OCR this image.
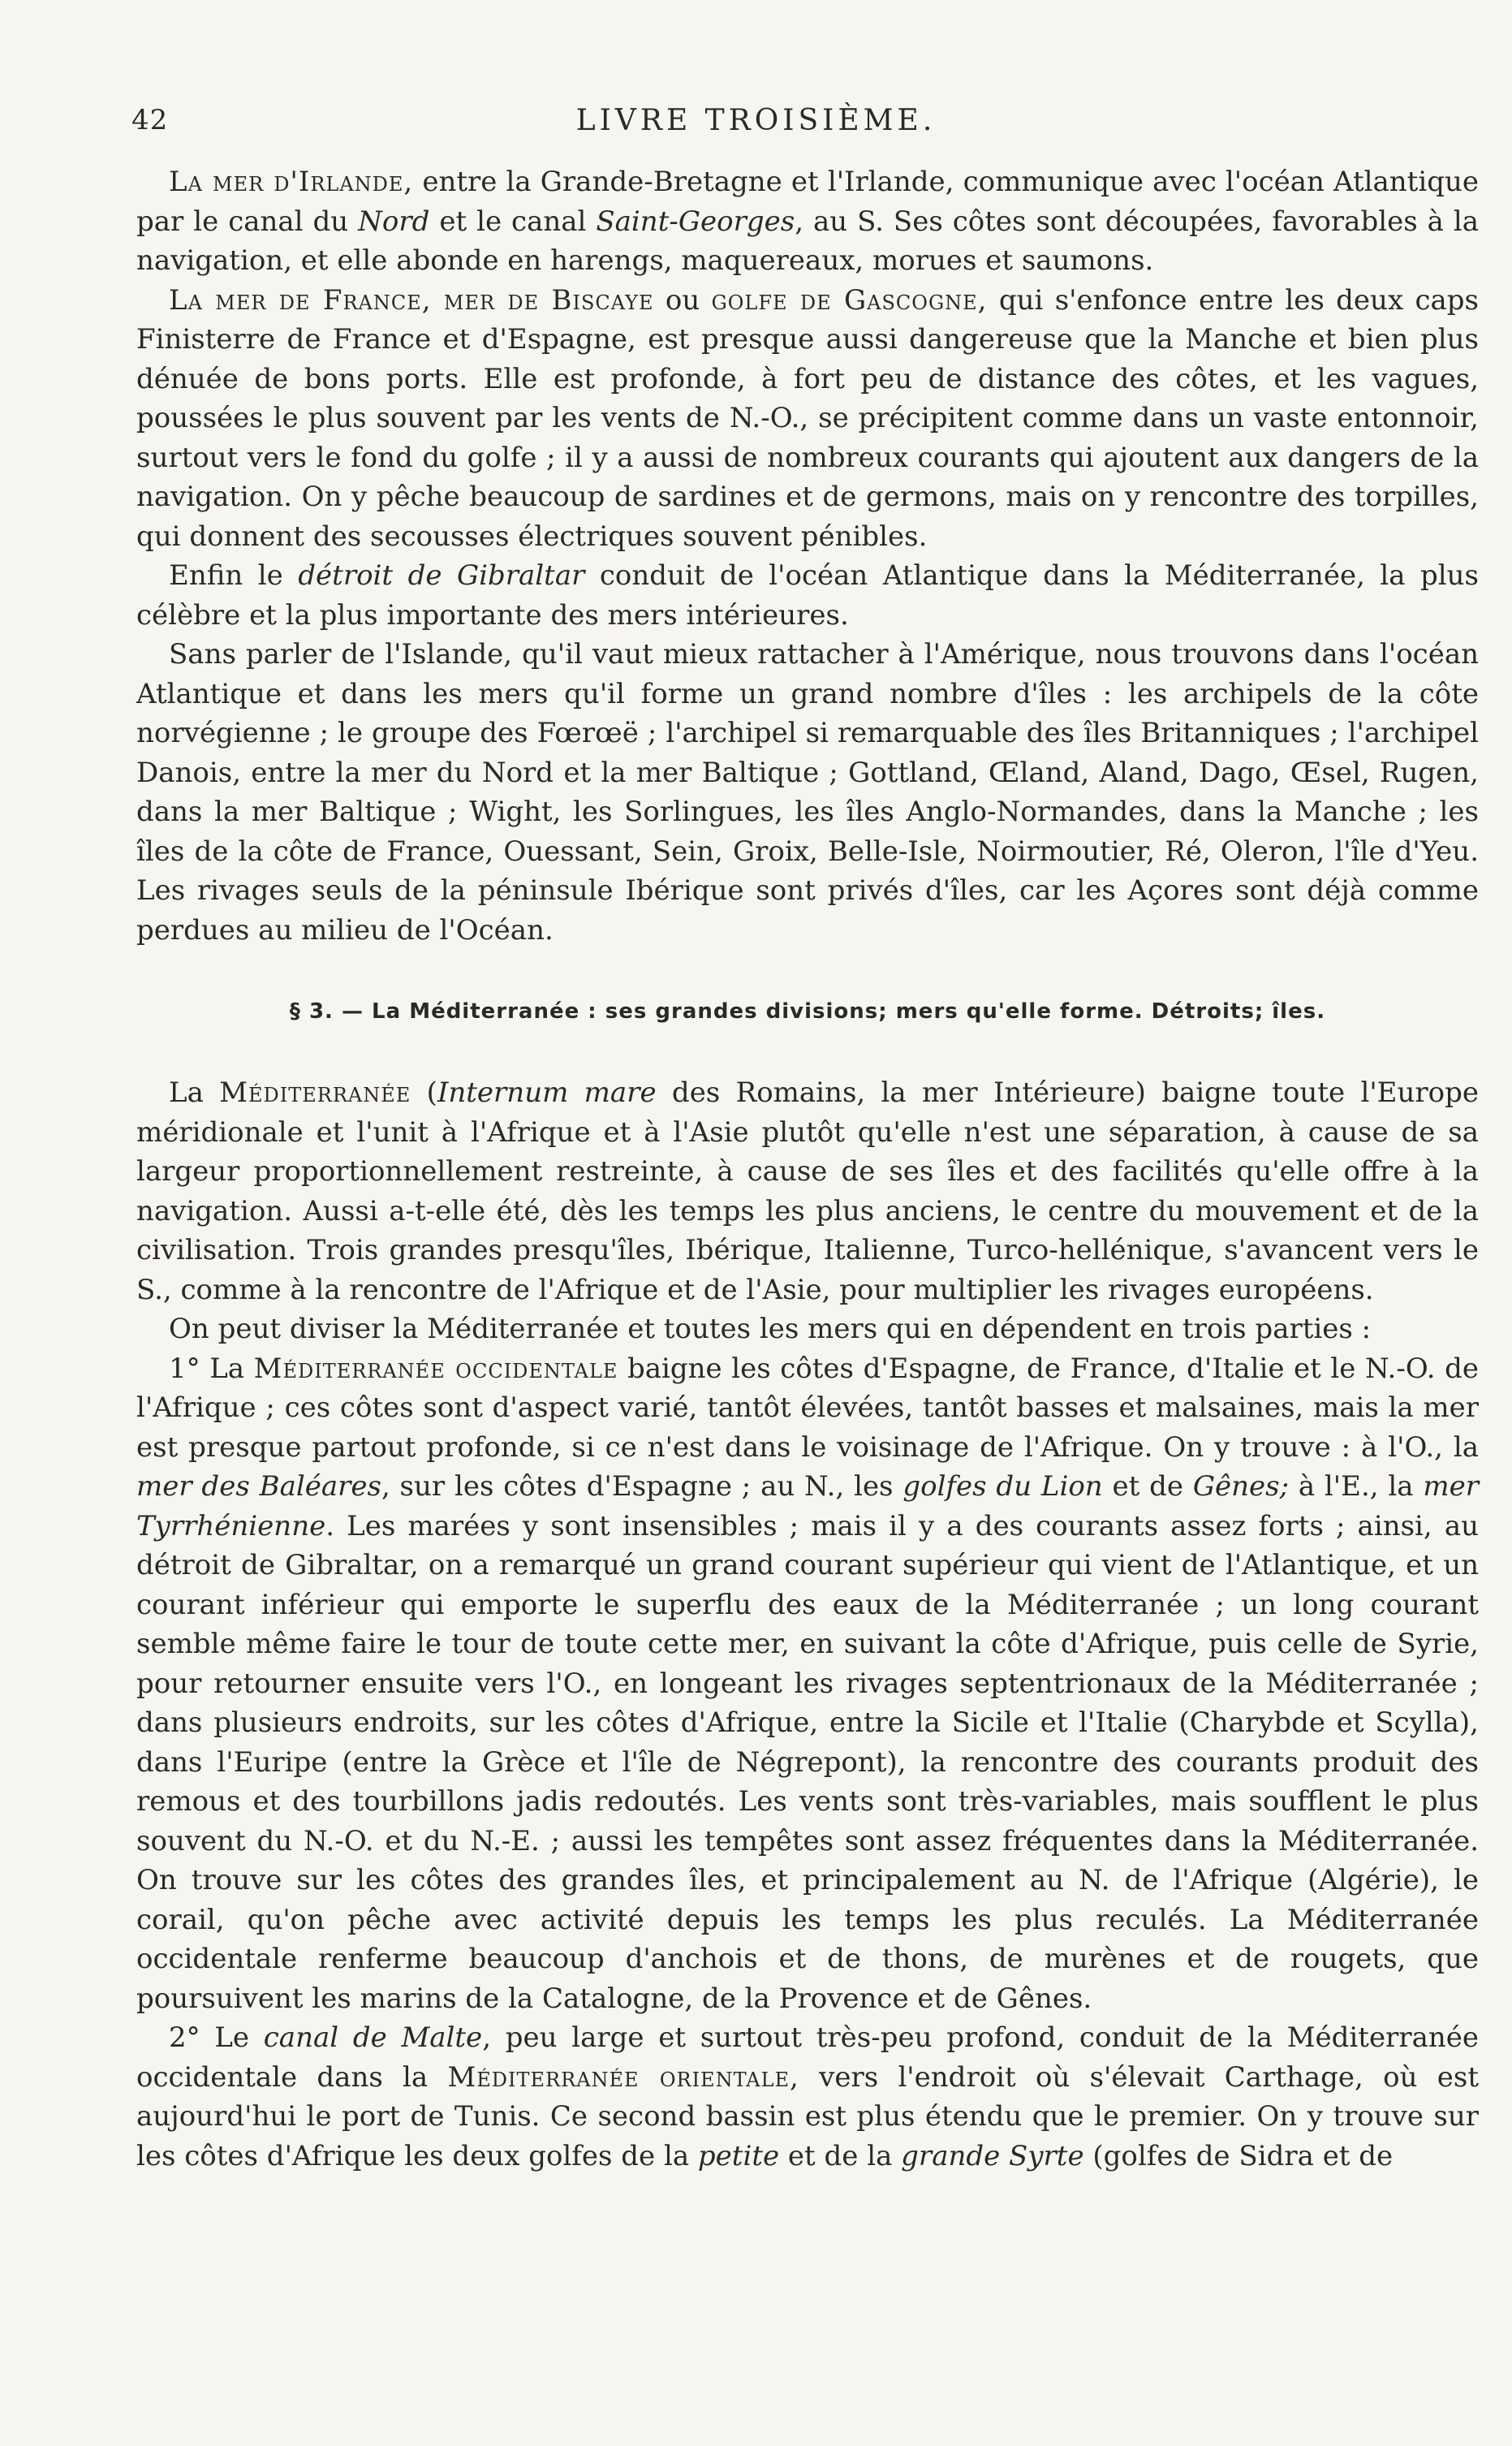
42	LIVRE TROISIÈME.

La mer d'Irlande, entre la Grande-Bretagne et l'Irlande, communique avec l'océan Atlantique par le canal du Nord et le canal Saint-Georges, au S. Ses côtes sont découpées, favorables à la navigation, et elle abonde en harengs, maquereaux, morues et saumons.

La mer de France, mer de Biscaye ou golfe de Gascogne, qui s'enfonce entre les deux caps Finisterre de France et d'Espagne, est presque aussi dangereuse que la Manche et bien plus dénuée de bons ports. Elle est profonde, à fort peu de distance des côtes, et les vagues, poussées le plus souvent par les vents de N.-O., se précipitent comme dans un vaste entonnoir, surtout vers le fond du golfe ; il y a aussi de nombreux courants qui ajoutent aux dangers de la navigation. On y pêche beaucoup de sardines et de germons, mais on y rencontre des torpilles, qui donnent des secousses électriques souvent pénibles.

Enfin le détroit de Gibraltar conduit de l'océan Atlantique dans la Méditerranée, la plus célèbre et la plus importante des mers intérieures.

Sans parler de l'Islande, qu'il vaut mieux rattacher à l'Amérique, nous trouvons dans l'océan Atlantique et dans les mers qu'il forme un grand nombre d'îles : les archipels de la côte norvégienne ; le groupe des Fœrœë ; l'archipel si remarquable des îles Britanniques ; l'archipel Danois, entre la mer du Nord et la mer Baltique ; Gottland, Œland, Aland, Dago, Œsel, Rugen, dans la mer Baltique ; Wight, les Sorlingues, les îles Anglo-Normandes, dans la Manche ; les îles de la côte de France, Ouessant, Sein, Groix, Belle-Isle, Noirmoutier, Ré, Oleron, l'île d'Yeu. Les rivages seuls de la péninsule Ibérique sont privés d'îles, car les Açores sont déjà comme perdues au milieu de l'Océan.

§ 3. — La Méditerranée : ses grandes divisions; mers qu'elle forme. Détroits; îles.

La Méditerranée (Internum mare des Romains, la mer Intérieure) baigne toute l'Europe méridionale et l'unit à l'Afrique et à l'Asie plutôt qu'elle n'est une séparation, à cause de sa largeur proportionnellement restreinte, à cause de ses îles et des facilités qu'elle offre à la navigation. Aussi a-t-elle été, dès les temps les plus anciens, le centre du mouvement et de la civilisation. Trois grandes presqu'îles, Ibérique, Italienne, Turco-hellénique, s'avancent vers le S., comme à la rencontre de l'Afrique et de l'Asie, pour multiplier les rivages européens.

On peut diviser la Méditerranée et toutes les mers qui en dépendent en trois parties :

1° La Méditerranée occidentale baigne les côtes d'Espagne, de France, d'Italie et le N.-O. de l'Afrique ; ces côtes sont d'aspect varié, tantôt élevées, tantôt basses et malsaines, mais la mer est presque partout profonde, si ce n'est dans le voisinage de l'Afrique. On y trouve : à l'O., la mer des Baléares, sur les côtes d'Espagne ; au N., les golfes du Lion et de Gênes; à l'E., la mer Tyrrhénienne. Les marées y sont insensibles ; mais il y a des courants assez forts ; ainsi, au détroit de Gibraltar, on a remarqué un grand courant supérieur qui vient de l'Atlantique, et un courant inférieur qui emporte le superflu des eaux de la Méditerranée ; un long courant semble même faire le tour de toute cette mer, en suivant la côte d'Afrique, puis celle de Syrie, pour retourner ensuite vers l'O., en longeant les rivages septentrionaux de la Méditerranée ; dans plusieurs endroits, sur les côtes d'Afrique, entre la Sicile et l'Italie (Charybde et Scylla), dans l'Euripe (entre la Grèce et l'île de Négrepont), la rencontre des courants produit des remous et des tourbillons jadis redoutés. Les vents sont très-variables, mais soufflent le plus souvent du N.-O. et du N.-E. ; aussi les tempêtes sont assez fréquentes dans la Méditerranée. On trouve sur les côtes des grandes îles, et principalement au N. de l'Afrique (Algérie), le corail, qu'on pêche avec activité depuis les temps les plus reculés. La Méditerranée occidentale renferme beaucoup d'anchois et de thons, de murènes et de rougets, que poursuivent les marins de la Catalogne, de la Provence et de Gênes.

2° Le canal de Malte, peu large et surtout très-peu profond, conduit de la Méditerranée occidentale dans la Méditerranée orientale, vers l'endroit où s'élevait Carthage, où est aujourd'hui le port de Tunis. Ce second bassin est plus étendu que le premier. On y trouve sur les côtes d'Afrique les deux golfes de la petite et de la grande Syrte (golfes de Sidra et de
